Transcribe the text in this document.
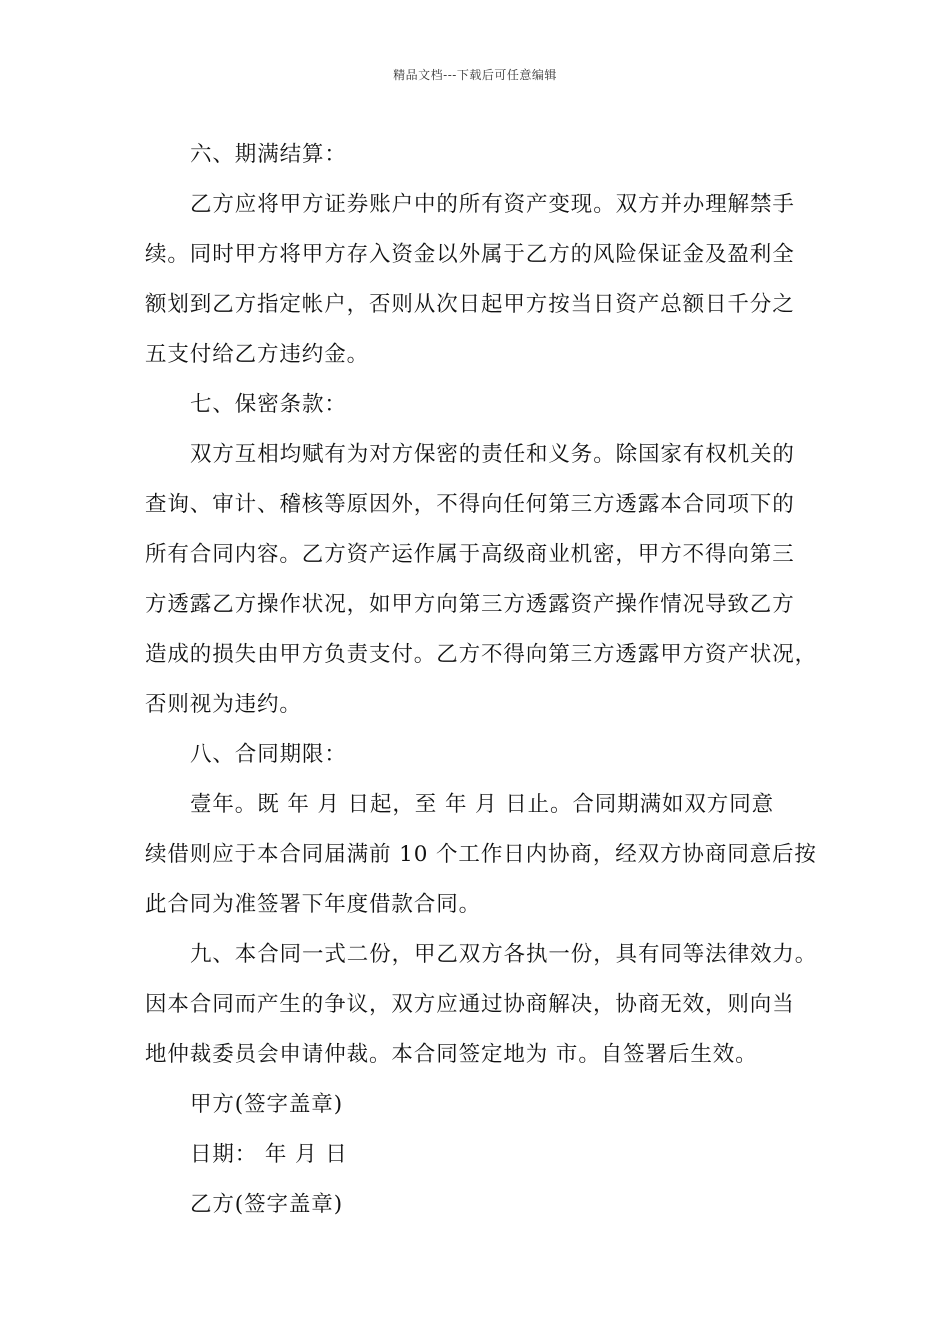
精品文档---下载后可任意编辑
六、期满结算：
乙方应将甲方证券账户中的所有资产变现。双方并办理解禁手
续。同时甲方将甲方存入资金以外属于乙方的风险保证金及盈利全
额划到乙方指定帐户，否则从次日起甲方按当日资产总额日千分之
五支付给乙方违约金。
七、保密条款：
双方互相均赋有为对方保密的责任和义务。除国家有权机关的
查询、审计、稽核等原因外，不得向任何第三方透露本合同项下的
所有合同内容。乙方资产运作属于高级商业机密，甲方不得向第三
方透露乙方操作状况，如甲方向第三方透露资产操作情况导致乙方
造成的损失由甲方负责支付。乙方不得向第三方透露甲方资产状况，
否则视为违约。
八、合同期限：
壹年。既 年 月 日起，至 年 月 日止。合同期满如双方同意
续借则应于本合同届满前 10 个工作日内协商，经双方协商同意后按
此合同为准签署下年度借款合同。
九、本合同一式二份，甲乙双方各执一份，具有同等法律效力。
因本合同而产生的争议，双方应通过协商解决，协商无效，则向当
地仲裁委员会申请仲裁。本合同签定地为 市。自签署后生效。
甲方(签字盖章)
日期： 年 月 日
乙方(签字盖章)
